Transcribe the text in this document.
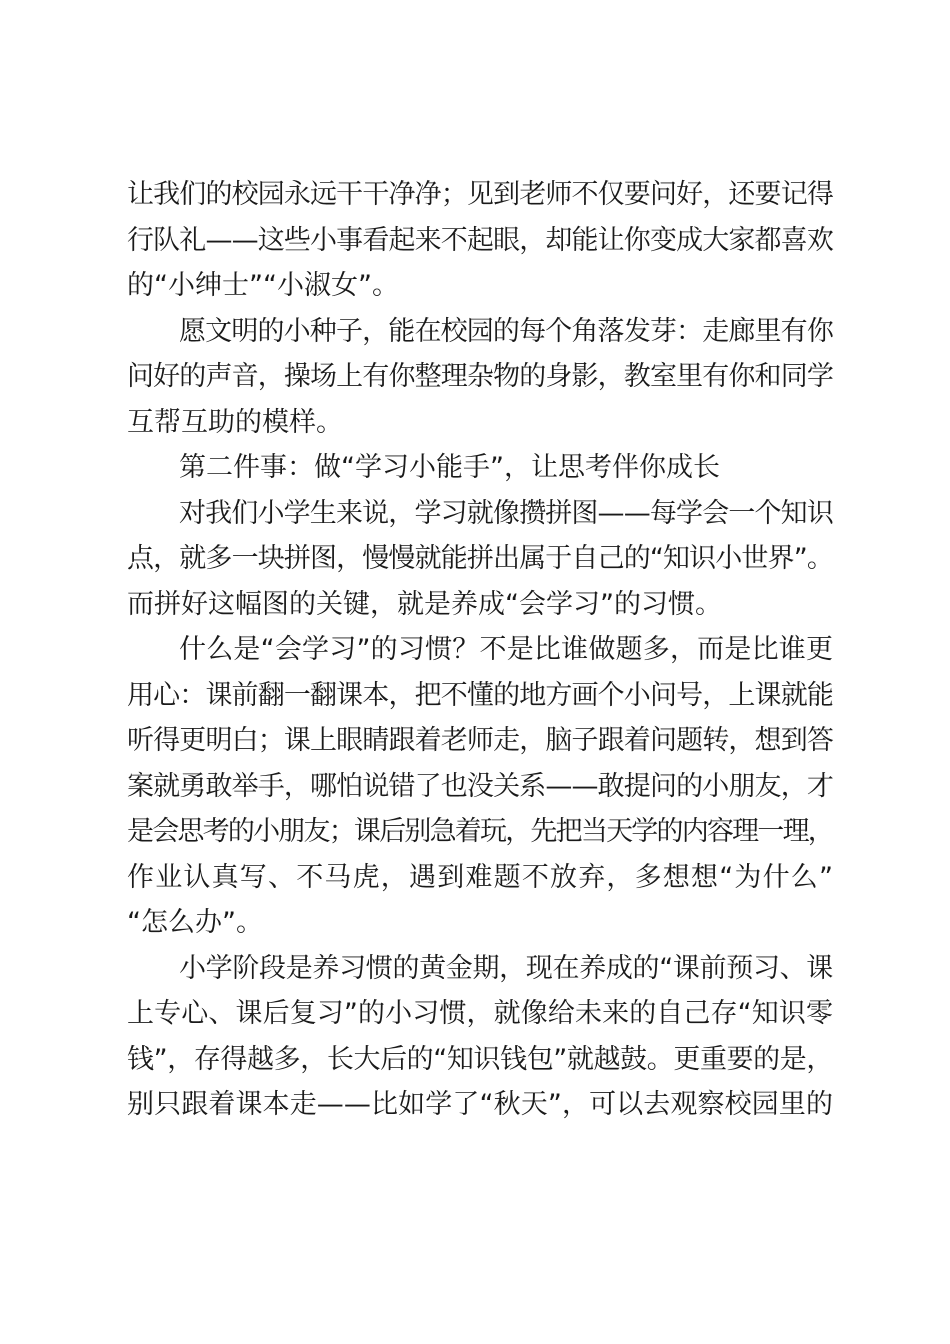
让我们的校园永远干干净净；见到老师不仅要问好，还要记得
行队礼——这些小事看起来不起眼，却能让你变成大家都喜欢
的“小绅士”“小淑女”。
愿文明的小种子，能在校园的每个角落发芽：走廊里有你
问好的声音，操场上有你整理杂物的身影，教室里有你和同学
互帮互助的模样。
第二件事：做“学习小能手”，让思考伴你成长
对我们小学生来说，学习就像攒拼图——每学会一个知识
点，就多一块拼图，慢慢就能拼出属于自己的“知识小世界”。
而拼好这幅图的关键，就是养成“会学习”的习惯。
什么是“会学习”的习惯？不是比谁做题多，而是比谁更
用心：课前翻一翻课本，把不懂的地方画个小问号，上课就能
听得更明白；课上眼睛跟着老师走，脑子跟着问题转，想到答
案就勇敢举手，哪怕说错了也没关系——敢提问的小朋友，才
是会思考的小朋友；课后别急着玩，先把当天学的内容理一理，
作业认真写、不马虎，遇到难题不放弃，多想想“为什么”
“怎么办”。
小学阶段是养习惯的黄金期，现在养成的“课前预习、课
上专心、课后复习”的小习惯，就像给未来的自己存“知识零
钱”，存得越多，长大后的“知识钱包”就越鼓。更重要的是，
别只跟着课本走——比如学了“秋天”，可以去观察校园里的
